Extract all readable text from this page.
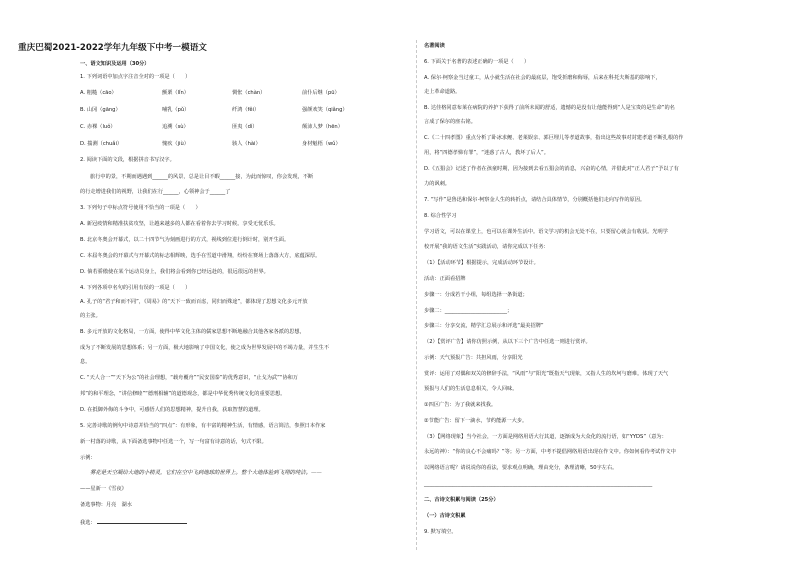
重庆巴蜀2021-2022学年九年级下中考一模语文
一、语文知识及运用（30分）
1. 下列词语中加点字注音全对的一项是（　　）
A. 粗糙（cāo）	颤栗（lǐn）	惆怅（chàn）	前仆后继（pū）
B. 山冈（gāng）	哺乳（pǔ）	纤鸿（fěi）	强颜欢笑（qiǎng）
C. 赤裸（luǒ）	追溯（sù）	匪夷（dì）	颠沛人梦（hēn）
D. 揣测（chuǎi）	愧疚（jiù）	骇人（hài）	身材魁梧（wǔ）
2. 阅读下面的文段，根据拼音书写汉字。
旅行中的景，不期而遇遇到______的风景，总是让目不暇______接，为此而惊叹，你会发现，不断
的行走增进我们的视野，让我们在行______，心领神会于______了
3. 下列句子中标点符号使用不恰当的一项是（　　）
A. 新冠疫情和精准扶贫攻坚，让越来越多的人都在看着你去学习时候。享受无忧乐乐。
B. 北京冬奥会开幕式，以二十四节气为刻画进行的方式，视线到位进行倒计时，别开生面。
C. 本届冬奥会的开幕式与开幕式的标志相辉映，选手在雪道中滑翔，纷纷在赛场上落落大方，底蕴深厚。
D. 倘若骄傲使在某个运动员身上，我们将会看到你已经远赴的，很远很远的世界。
4. 下列各项中名句的引用有误的一项是（　　）
A. 孔子的“君子和而不同”，《周易》的“天下一致而百虑，同归而殊途”，都体现了思想文化多元开放
的主张。
B. 多元开放的文化格局，一方面，使得中华文化主体的儒家思想不断地融合其他各家各派的思想，
成为了不断发展的思想体系；另一方面，极大地影响了中国文化，使之成为世界发展中的不竭力量，并生生不
息。
C. “天人合一”“天下为公”的社会理想，“载舟覆舟”“民安国泰”的优秀意识，“止戈为武”“协和万
邦”的和平理念，“讲信修睦”“德刑相辅”的道德观念，都是中华优秀传统文化的重要思想。
D. 在抵御外侮的斗争中，可感悟人们的思想精神，提升自我，获取智慧的道理。
5. 完善诗歌的例句中诗意并恰当的“四点”：有形象，有丰富的精神生活，有情感，语言简洁，参照日本作家
新一村落的诗歌，从下面备选事物中任选一个，写一句富有诗意的话，句式不限。
示例：
雾花是天空凝给大地的小精灵，它们在空中飞到地球的世界上。整个大地体验到飞翔的纯洁。——
——星新一《雪夜》
备选事物：月亮　湖水
我选：
名著阅读
6. 下面关于名著的表述正确的一项是（　　）
A. 保尔·柯察金当过童工，从小就生活在社会的最底层，饱受折磨和侮辱，后来在科托夫斯基的影响下，
走上革命道路。
B. 达佳格同意布莱在病院的养护下获得了前所未闻的舒适，遗憾的是没有让他能得到“人是宝贵的是生命”的名
言成了保尔的座右铭。
C.《二十四孝图》重点分析了卧冰求鲤、老莱娱亲、郭巨埋儿等孝道故事，指出这些故事对封建孝道不断扎根的作
用，将“四德孝悌有罪”，“迷惑了古人，教坏了后人”。
D.《五猖会》记述了作者在孩童时期，因为接到去看五猖会的消息，兴奋的心情，并借此对“正人君子”予以了有
力的讽刺。
7. “写作”是鲁迅和保尔·柯察金人生的转折点，请结合具体情节，分别概括他们走向写作的原因。
8. 综合性学习
学习语文，可以在课堂上，也可以在课外生活中。语文学习的机会无处不在，只要留心就会有收获。光明学
校开展“我的语文生活”实践活动，请你完成以下任务：
（1）【活动环节】根据提示，完成活动环节设计。
活动：正面看招牌
步骤一：分成若干小组，每组选择一条街道；
步骤二：________________________；
步骤三：分享交流，精学汇总展示和评选“最美招牌”
（2）【赏评广告】请你仿照示例，从以下三个广告中任选一则进行赏评。
示例：天气预报广告：共担风雨，分享阳光
赏评：运用了对偶和双关的修辞手法，“风雨”与“阳光”既指天气现象，又指人生的坎坷与磨难。体现了天气
预报与人们的生活息息相关，令人回味。
①四区广告：为了我就来找我。
②节能广告：留下一滴水，节约能源一大步。
（3）【网络现象】当今社会，一方面是网络用语大行其道，逐渐成为大众化的流行语，如“YYDS”（意为：
永远的神）：“你的良心不会痛吗？”等；另一方面，中考不提倡网络用语出现在作文中。你如何看待考试作文中
以网络语言呢？请说说你的看法，要求观点明确，理由充分，条理清晰，50字左右。
________________________________________________________________________________________
二、古诗文积累与阅读（25分）
（一）古诗文积累
9. 默写填空。
